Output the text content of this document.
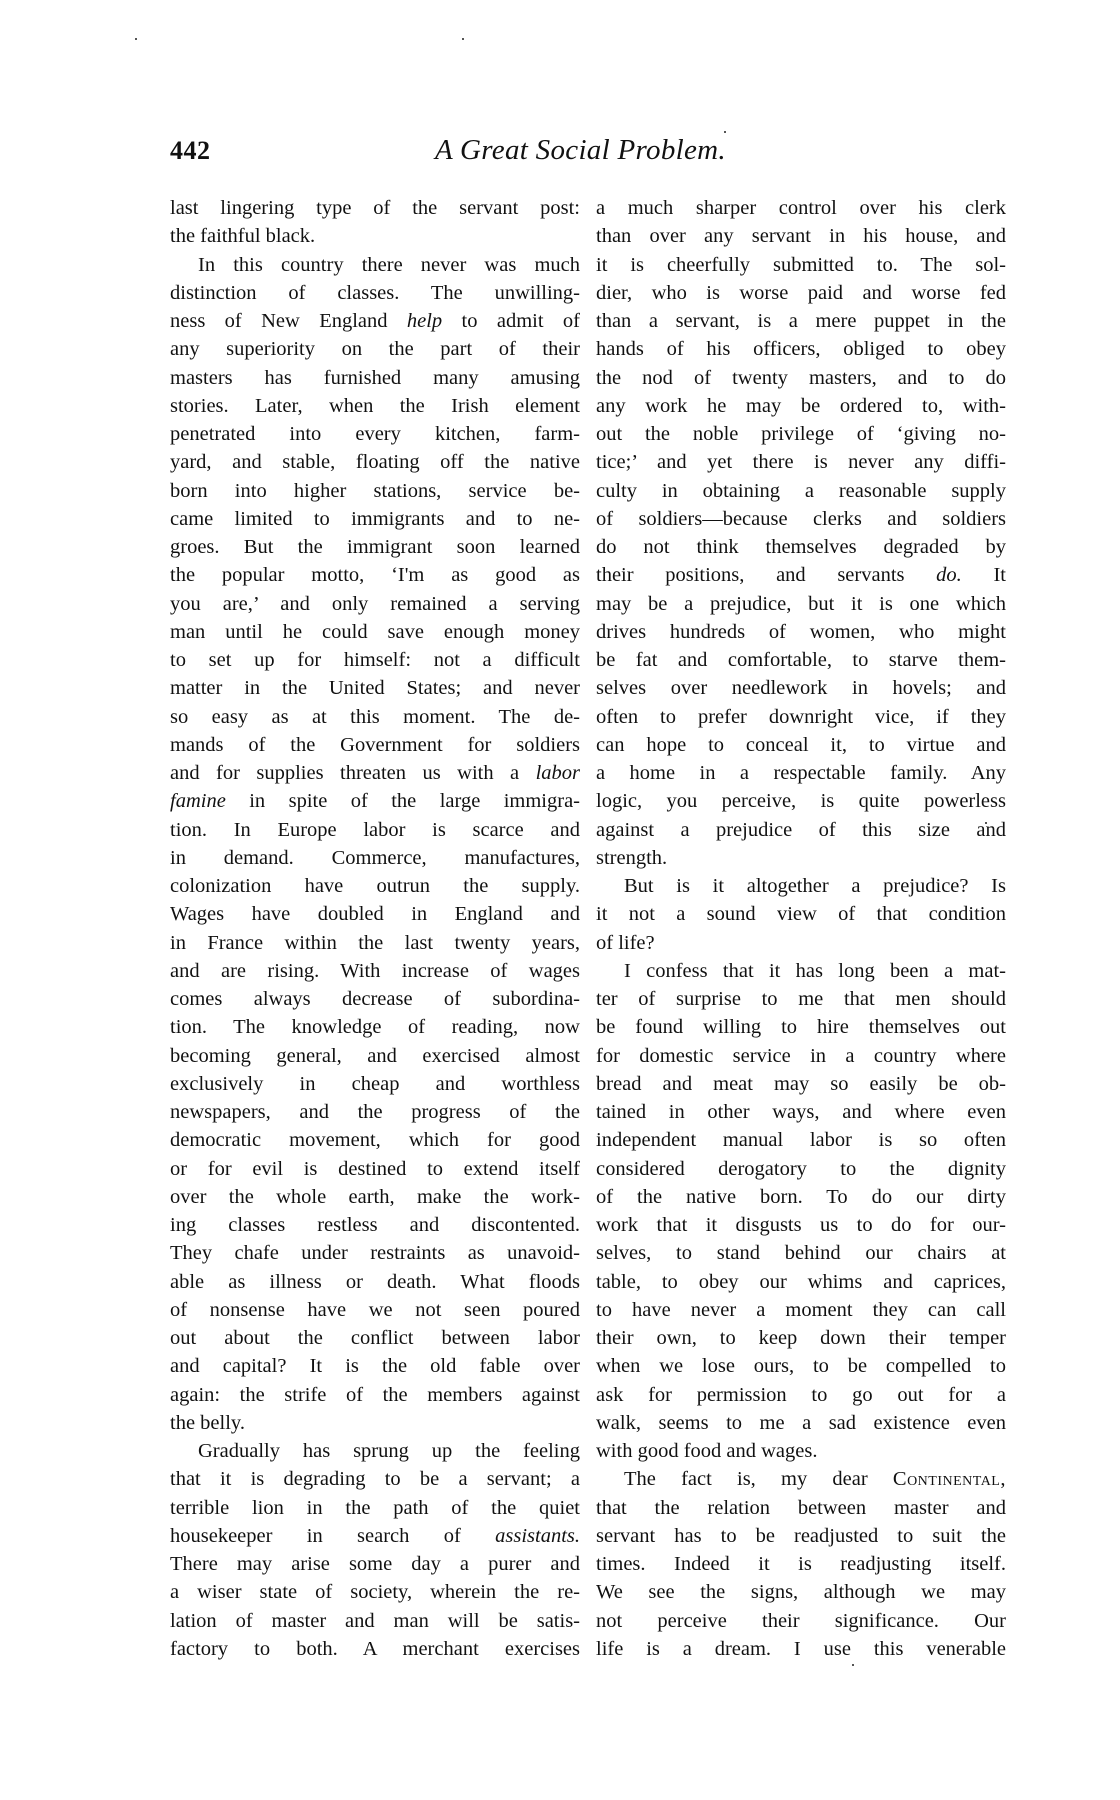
442	A Great Social Problem.
last lingering type of the servant post:
the faithful black.
In this country there never was much
distinction of classes. The unwilling-
ness of New England help to admit of
any superiority on the part of their
masters has furnished many amusing
stories. Later, when the Irish element
penetrated into every kitchen, farm-
yard, and stable, floating off the native
born into higher stations, service be-
came limited to immigrants and to ne-
groes. But the immigrant soon learned
the popular motto, ‘I'm as good as
you are,’ and only remained a serving
man until he could save enough money
to set up for himself: not a difficult
matter in the United States; and never
so easy as at this moment. The de-
mands of the Government for soldiers
and for supplies threaten us with a labor
famine in spite of the large immigra-
tion. In Europe labor is scarce and
in demand. Commerce, manufactures,
colonization have outrun the supply.
Wages have doubled in England and
in France within the last twenty years,
and are rising. With increase of wages
comes always decrease of subordina-
tion. The knowledge of reading, now
becoming general, and exercised almost
exclusively in cheap and worthless
newspapers, and the progress of the
democratic movement, which for good
or for evil is destined to extend itself
over the whole earth, make the work-
ing classes restless and discontented.
They chafe under restraints as unavoid-
able as illness or death. What floods
of nonsense have we not seen poured
out about the conflict between labor
and capital? It is the old fable over
again: the strife of the members against
the belly.
Gradually has sprung up the feeling
that it is degrading to be a servant; a
terrible lion in the path of the quiet
housekeeper in search of assistants.
There may arise some day a purer and
a wiser state of society, wherein the re-
lation of master and man will be satis-
factory to both. A merchant exercises
a much sharper control over his clerk
than over any servant in his house, and
it is cheerfully submitted to. The sol-
dier, who is worse paid and worse fed
than a servant, is a mere puppet in the
hands of his officers, obliged to obey
the nod of twenty masters, and to do
any work he may be ordered to, with-
out the noble privilege of ‘giving no-
tice;’ and yet there is never any diffi-
culty in obtaining a reasonable supply
of soldiers—because clerks and soldiers
do not think themselves degraded by
their positions, and servants do. It
may be a prejudice, but it is one which
drives hundreds of women, who might
be fat and comfortable, to starve them-
selves over needlework in hovels; and
often to prefer downright vice, if they
can hope to conceal it, to virtue and
a home in a respectable family. Any
logic, you perceive, is quite powerless
against a prejudice of this size and
strength.
But is it altogether a prejudice? Is
it not a sound view of that condition
of life?
I confess that it has long been a mat-
ter of surprise to me that men should
be found willing to hire themselves out
for domestic service in a country where
bread and meat may so easily be ob-
tained in other ways, and where even
independent manual labor is so often
considered derogatory to the dignity
of the native born. To do our dirty
work that it disgusts us to do for our-
selves, to stand behind our chairs at
table, to obey our whims and caprices,
to have never a moment they can call
their own, to keep down their temper
when we lose ours, to be compelled to
ask for permission to go out for a
walk, seems to me a sad existence even
with good food and wages.
The fact is, my dear Continental,
that the relation between master and
servant has to be readjusted to suit the
times. Indeed it is readjusting itself.
We see the signs, although we may
not perceive their significance. Our
life is a dream. I use this venerable
